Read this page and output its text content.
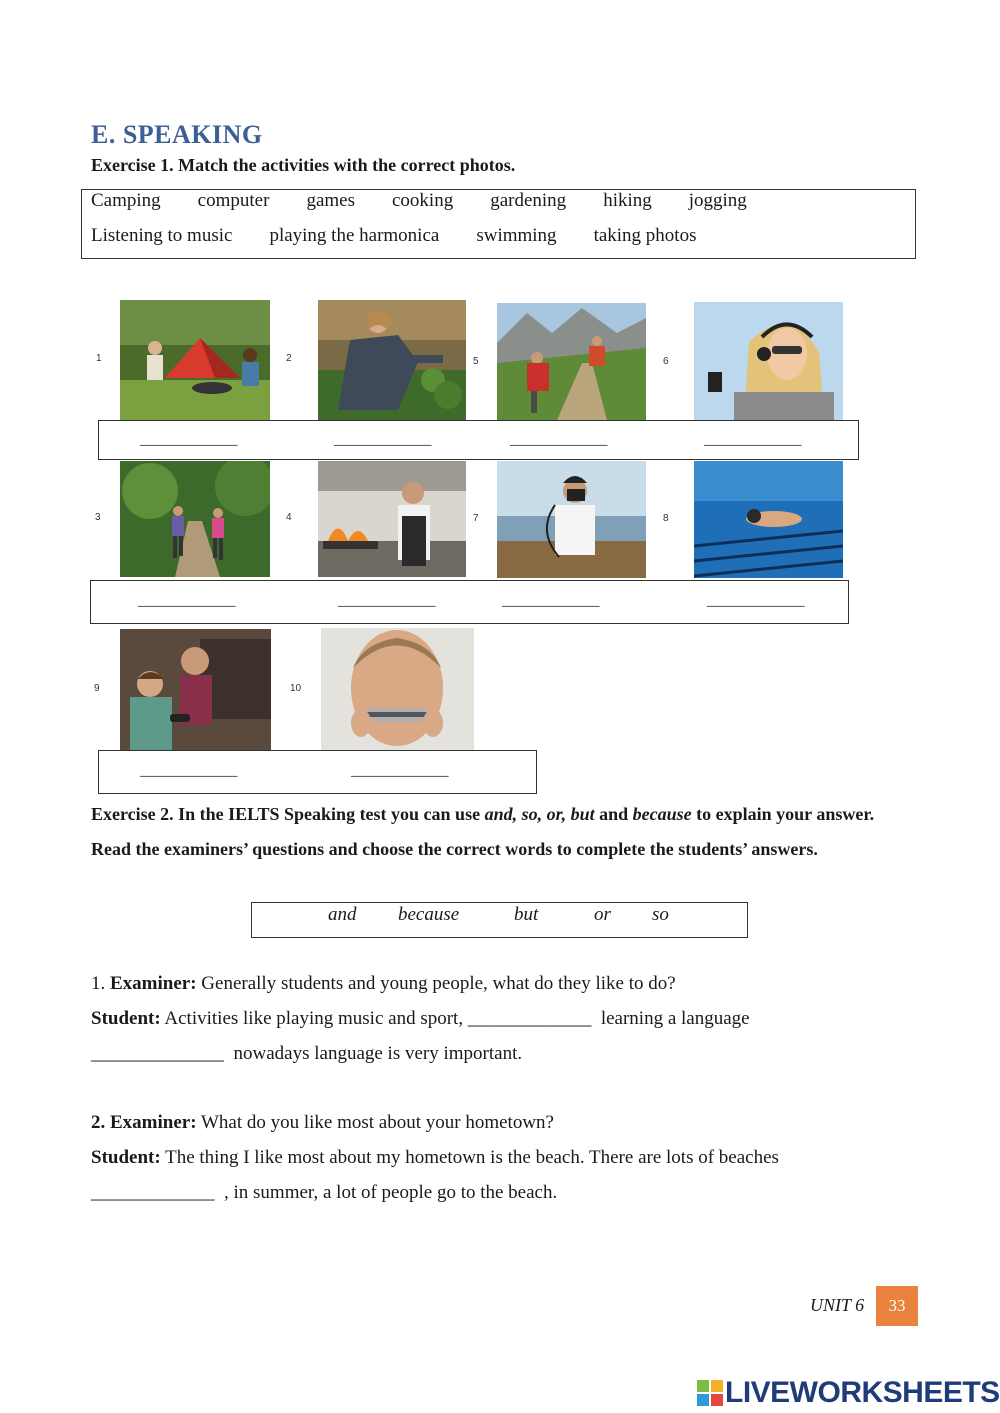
E. SPEAKING
Exercise 1. Match the activities with the correct photos.
Camping computer games cooking gardening hiking jogging
Listening to music playing the harmonica swimming taking photos
1	2	5	6
_____________	_____________	_____________	_____________
3	4	7	8
_____________	_____________	_____________	_____________
9	10
_____________	_____________
Exercise 2. In the IELTS Speaking test you can use and, so, or, but and because to explain your answer. Read the examiners’ questions and choose the correct words to complete the students’ answers.
and because	but	or so
1. Examiner: Generally students and young people, what do they like to do?
Student: Activities like playing music and sport, _____________ learning a language
______________ nowadays language is very important.
2. Examiner: What do you like most about your hometown?
Student: The thing I like most about my hometown is the beach. There are lots of beaches
_____________ , in summer, a lot of people go to the beach.
UNIT 6	33
LIVEWORKSHEETS
